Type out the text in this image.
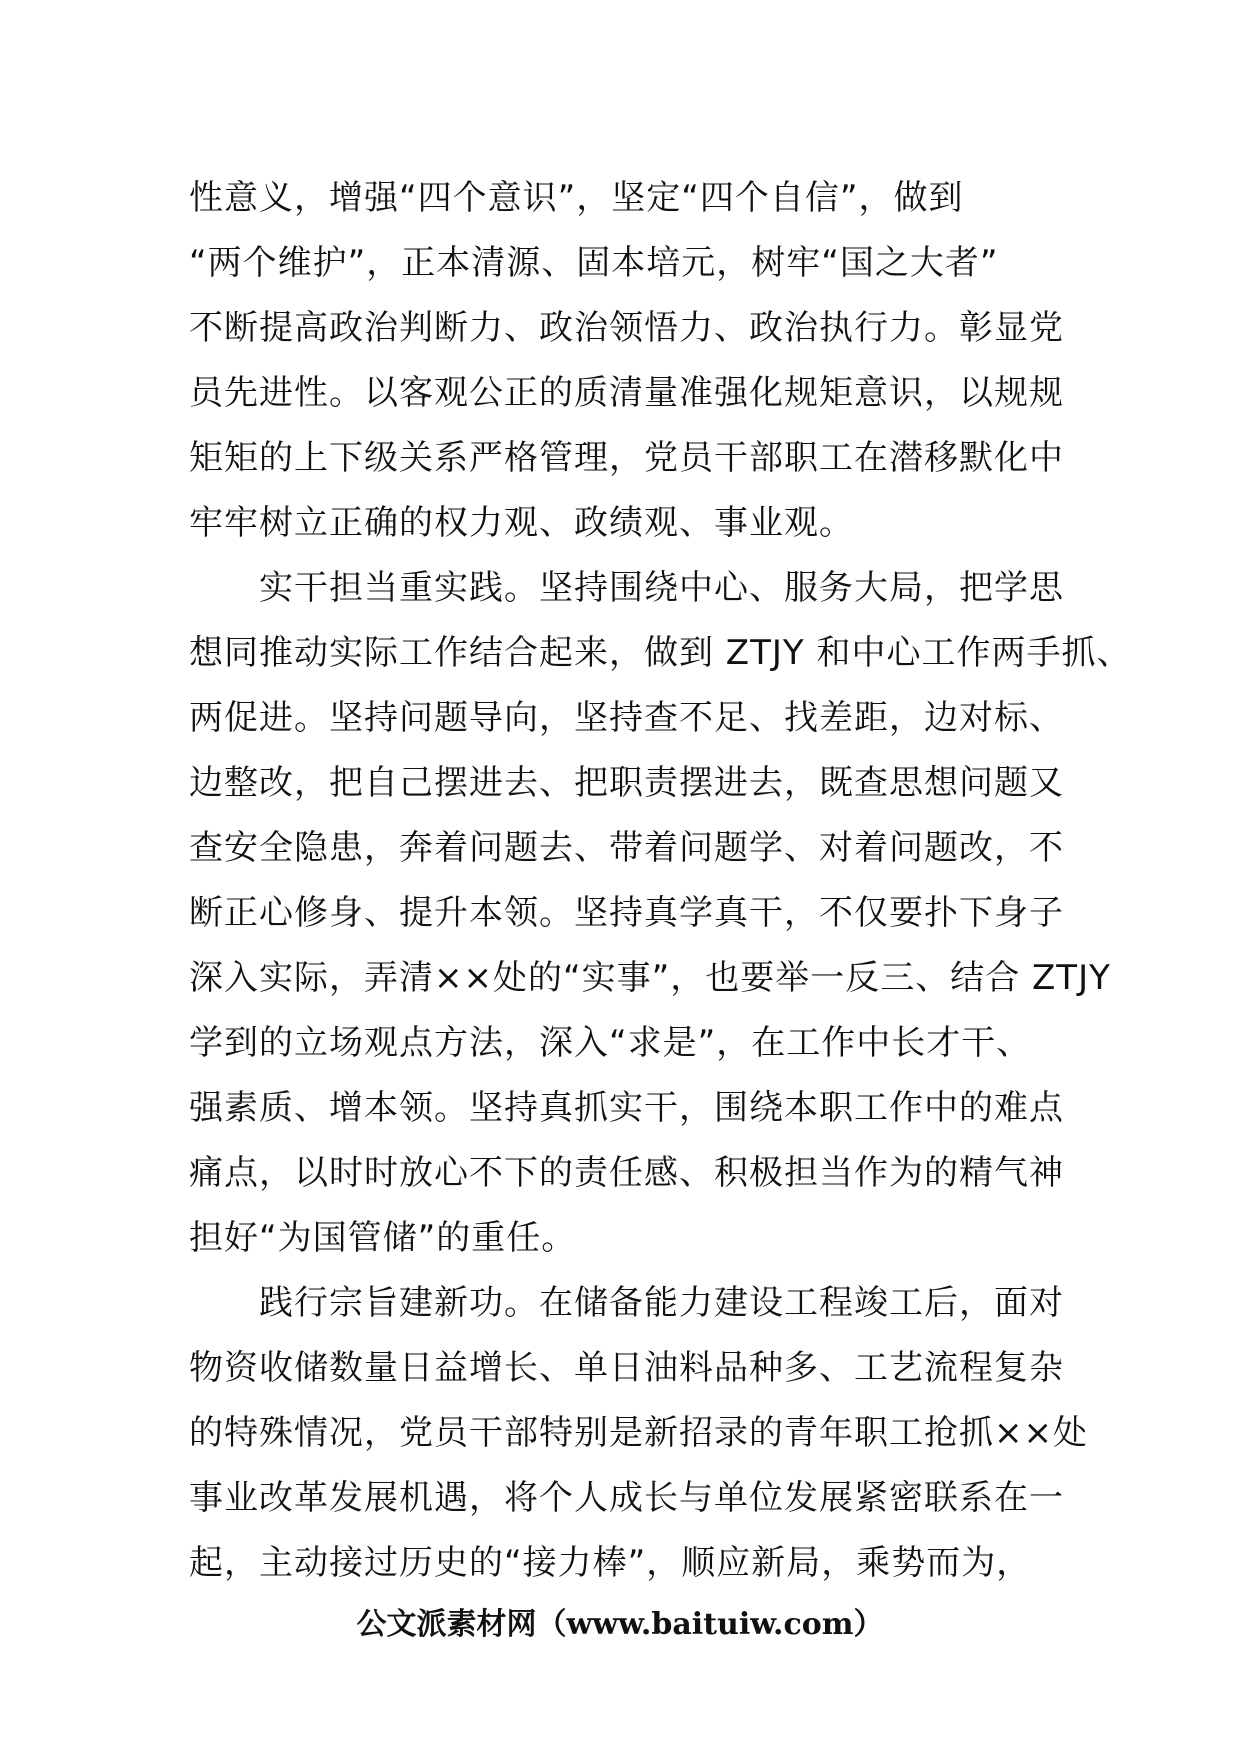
性意义，增强“四个意识”，坚定“四个自信”，做到
“两个维护”，正本清源、固本培元，树牢“国之大者”
不断提高政治判断力、政治领悟力、政治执行力。彰显党
员先进性。以客观公正的质清量准强化规矩意识，以规规
矩矩的上下级关系严格管理，党员干部职工在潜移默化中
牢牢树立正确的权力观、政绩观、事业观。
实干担当重实践。坚持围绕中心、服务大局，把学思
想同推动实际工作结合起来，做到 ZTJY 和中心工作两手抓、
两促进。坚持问题导向，坚持查不足、找差距，边对标、
边整改，把自己摆进去、把职责摆进去，既查思想问题又
查安全隐患，奔着问题去、带着问题学、对着问题改，不
断正心修身、提升本领。坚持真学真干，不仅要扑下身子
深入实际，弄清××处的“实事”，也要举一反三、结合 ZTJY
学到的立场观点方法，深入“求是”，在工作中长才干、
强素质、增本领。坚持真抓实干，围绕本职工作中的难点
痛点，以时时放心不下的责任感、积极担当作为的精气神
担好“为国管储”的重任。
践行宗旨建新功。在储备能力建设工程竣工后，面对
物资收储数量日益增长、单日油料品种多、工艺流程复杂
的特殊情况，党员干部特别是新招录的青年职工抢抓××处
事业改革发展机遇，将个人成长与单位发展紧密联系在一
起，主动接过历史的“接力棒”，顺应新局，乘势而为，
公文派素材网（www.baituiw.com）
